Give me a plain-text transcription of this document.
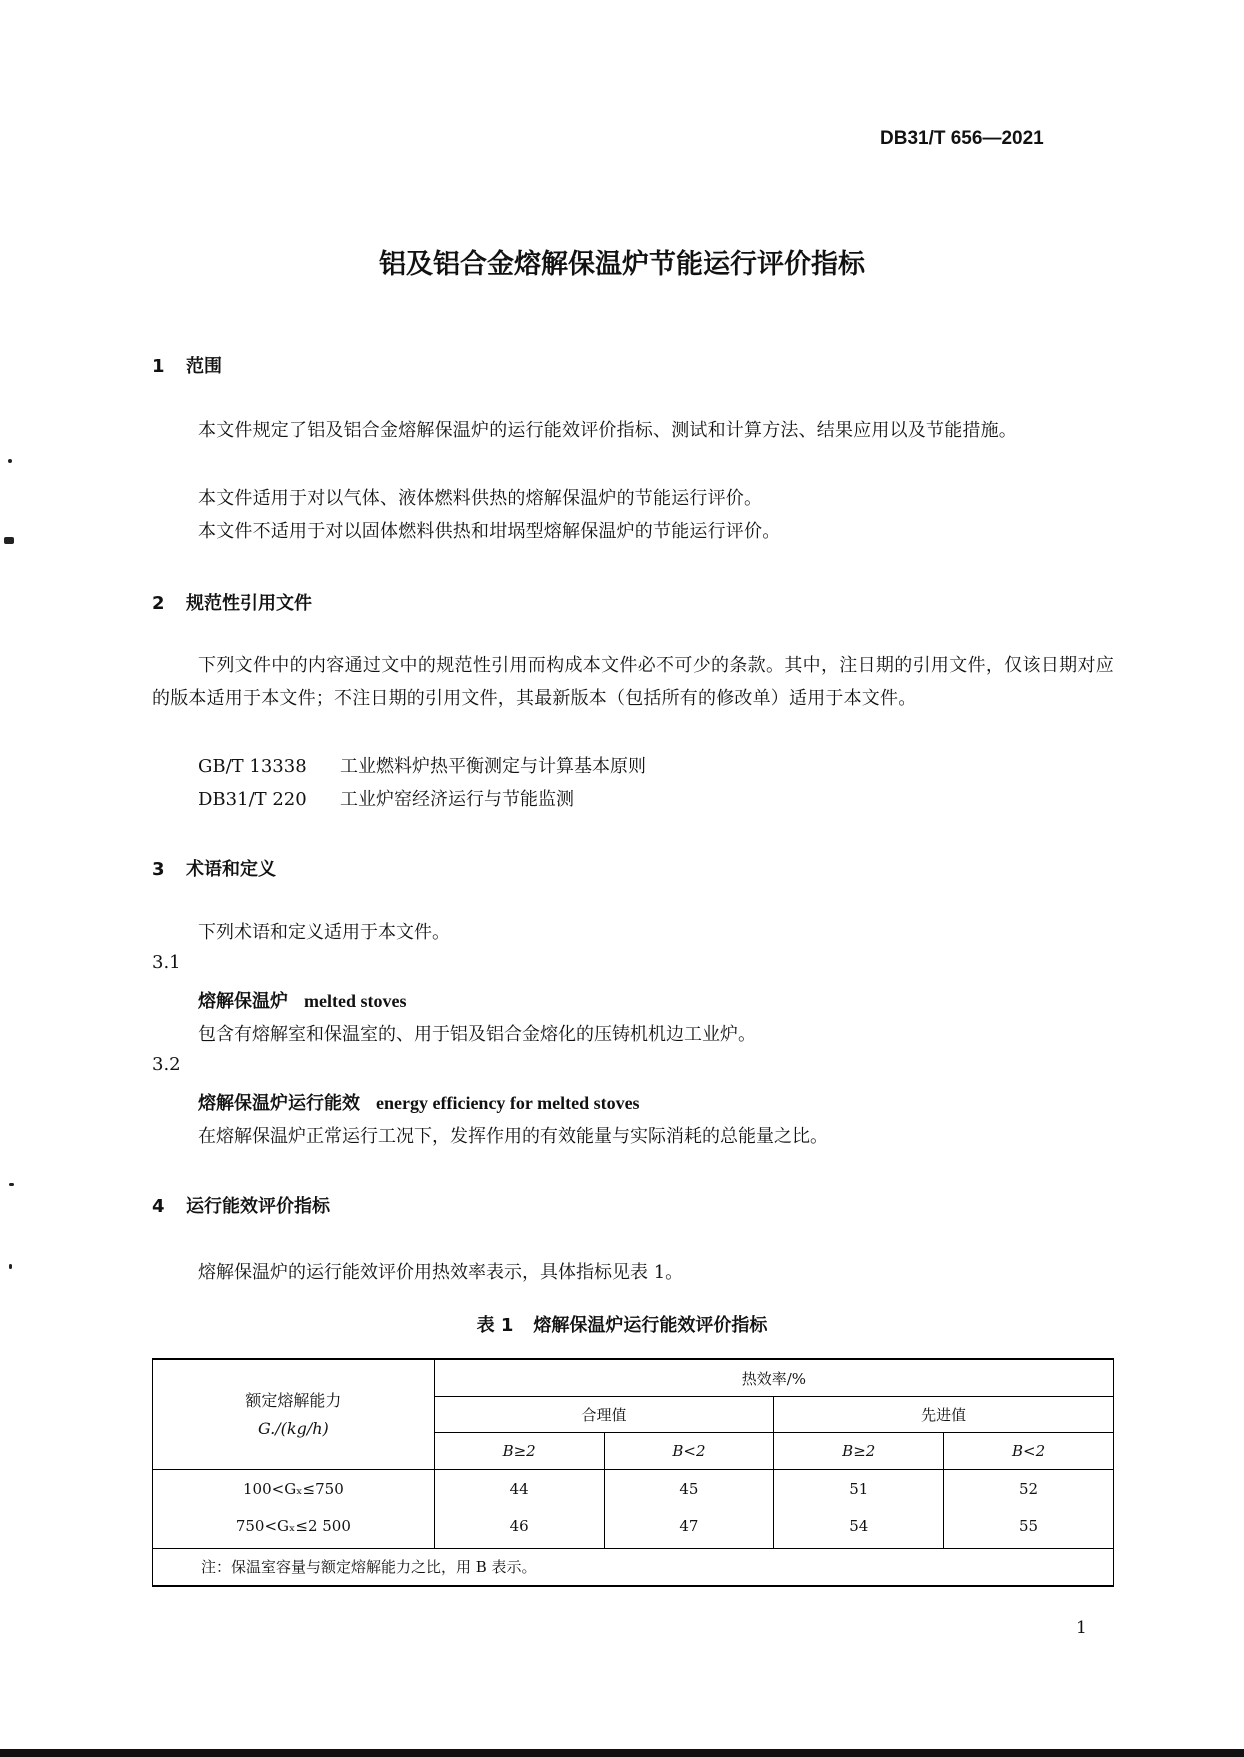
DB31/T 656—2021
铝及铝合金熔解保温炉节能运行评价指标
1 范围
本文件规定了铝及铝合金熔解保温炉的运行能效评价指标、测试和计算方法、结果应用以及节能措施。
本文件适用于对以气体、液体燃料供热的熔解保温炉的节能运行评价。
本文件不适用于对以固体燃料供热和坩埚型熔解保温炉的节能运行评价。
2 规范性引用文件
下列文件中的内容通过文中的规范性引用而构成本文件必不可少的条款。其中，注日期的引用文件，仅该日期对应的版本适用于本文件；不注日期的引用文件，其最新版本（包括所有的修改单）适用于本文件。
GB/T 13338 工业燃料炉热平衡测定与计算基本原则
DB31/T 220 工业炉窑经济运行与节能监测
3 术语和定义
下列术语和定义适用于本文件。
3.1
熔解保温炉 melted stoves
包含有熔解室和保温室的、用于铝及铝合金熔化的压铸机机边工业炉。
3.2
熔解保温炉运行能效 energy efficiency for melted stoves
在熔解保温炉正常运行工况下，发挥作用的有效能量与实际消耗的总能量之比。
4 运行能效评价指标
熔解保温炉的运行能效评价用热效率表示，具体指标见表 1。
表 1 熔解保温炉运行能效评价指标
额定熔解能力
G./(kg/h)	热效率/%			
	合理值		先进值	
	B≥2	B<2	B≥2	B<2
100<Gₓ≤750	44	45	51	52
750<Gₓ≤2 500	46	47	54	55
注：保温室容量与额定熔解能力之比，用 B 表示。				
1
